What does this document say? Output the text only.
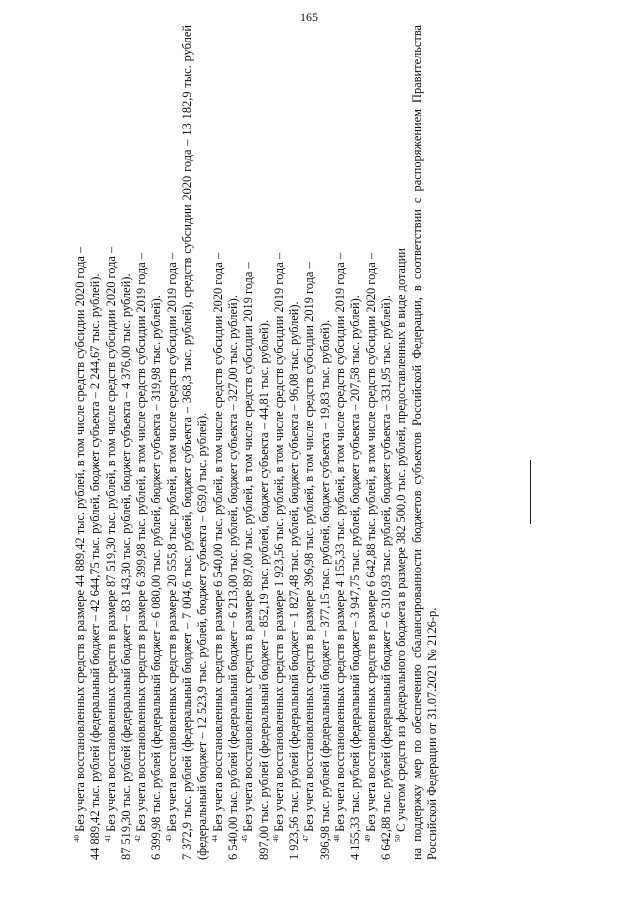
165

$^{40}$ Без учета восстановленных средств в размере 44 889,42 тыс. рублей, в том числе средств субсидии 2020 года – 44 889,42 тыс. рублей (федеральный бюджет – 42 644,75 тыс. рублей, бюджет субъекта – 2 244,67 тыс. рублей). $^{41}$ Без учета восстановленных средств в размере 87 519,30 тыс. рублей, в том числе средств субсидии 2020 года – 87 519,30 тыс. рублей (федеральный бюджет – 83 143,30 тыс. рублей, бюджет субъекта – 4 376,00 тыс. рублей). $^{42}$ Без учета восстановленных средств в размере 6 399,98 тыс. рублей, в том числе средств субсидии 2019 года – 6 399,98 тыс. рублей (федеральный бюджет – 6 080,00 тыс. рублей, бюджет субъекта – 319,98 тыс. рублей). $^{43}$ Без учета восстановленных средств в размере 20 555,8 тыс. рублей, в том числе средств субсидии 2019 года – 7 372,9 тыс. рублей (федеральный бюджет – 7 004,6 тыс. рублей, бюджет субъекта – 368,3 тыс. рублей), средств субсидии 2020 года – 13 182,9 тыс. рублей (федеральный бюджет – 12 523,9 тыс. рублей, бюджет субъекта – 659,0 тыс. рублей). $^{44}$ Без учета восстановленных средств в размере 6 540,00 тыс. рублей, в том числе средств субсидии 2020 года – 6 540,00 тыс. рублей (федеральный бюджет – 6 213,00 тыс. рублей, бюджет субъекта – 327,00 тыс. рублей). $^{45}$ Без учета восстановленных средств в размере 897,00 тыс. рублей, в том числе средств субсидии 2019 года – 897,00 тыс. рублей (федеральный бюджет – 852,19 тыс. рублей, бюджет субъекта – 44,81 тыс. рублей). $^{46}$ Без учета восстановленных средств в размере 1 923,56 тыс. рублей, в том числе средств субсидии 2019 года – 1 923,56 тыс. рублей (федеральный бюджет – 1 827,48 тыс. рублей, бюджет субъекта – 96,08 тыс. рублей). $^{47}$ Без учета восстановленных средств в размере 396,98 тыс. рублей, в том числе средств субсидии 2019 года – 396,98 тыс. рублей (федеральный бюджет – 377,15 тыс. рублей, бюджет субъекта – 19,83 тыс. рублей). $^{48}$ Без учета восстановленных средств в размере 4 155,33 тыс. рублей, в том числе средств субсидии 2019 года – 4 155,33 тыс. рублей (федеральный бюджет – 3 947,75 тыс. рублей, бюджет субъекта – 207,58 тыс. рублей). $^{49}$ Без учета восстановленных средств в размере 6 642,88 тыс. рублей, в том числе средств субсидии 2020 года – 6 642,88 тыс. рублей (федеральный бюджет – 6 310,93 тыс. рублей, бюджет субъекта – 331,95 тыс. рублей). $^{50}$ С учетом средств из федерального бюджета в размере 382 500,0 тыс. рублей, предоставленных в виде дотации на поддержку мер по обеспечению сбалансированности бюджетов субъектов Российской Федерации, в соответствии с распоряжением Правительства Российской Федерации от 31.07.2021 № 2126-р.
